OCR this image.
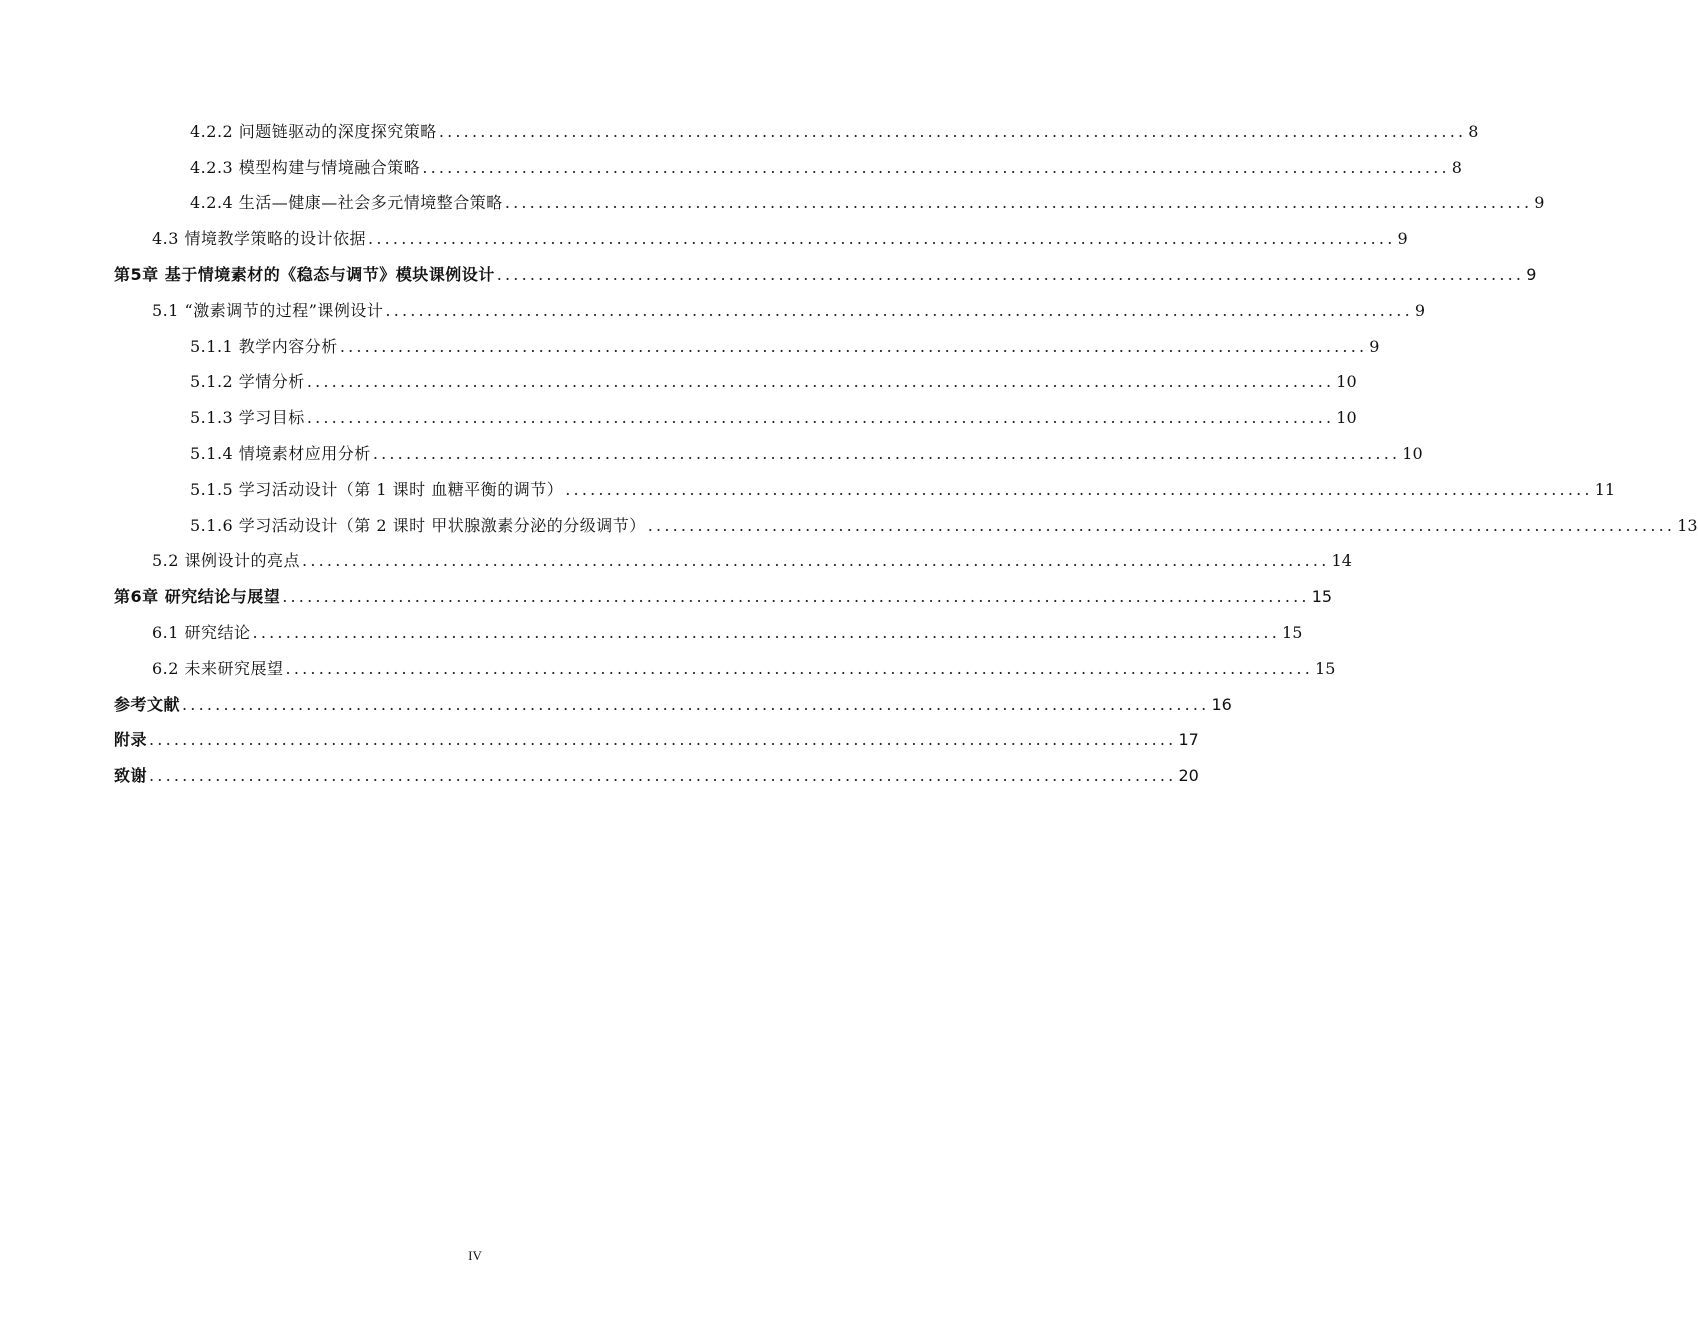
4.2.2 问题链驱动的深度探究策略 ............................................................................................................................ 8
4.2.3 模型构建与情境融合策略 ............................................................................................................................ 8
4.2.4 生活—健康—社会多元情境整合策略 ............................................................................................................................ 9
4.3 情境教学策略的设计依据 ............................................................................................................................ 9
第5章 基于情境素材的《稳态与调节》模块课例设计 ............................................................................................................................ 9
5.1 “激素调节的过程”课例设计 ............................................................................................................................ 9
5.1.1 教学内容分析 ............................................................................................................................ 9
5.1.2 学情分析 ............................................................................................................................ 10
5.1.3 学习目标 ............................................................................................................................ 10
5.1.4 情境素材应用分析 ............................................................................................................................ 10
5.1.5 学习活动设计（第 1 课时 血糖平衡的调节） ............................................................................................................................ 11
5.1.6 学习活动设计（第 2 课时 甲状腺激素分泌的分级调节） ............................................................................................................................ 13
5.2 课例设计的亮点 ............................................................................................................................ 14
第6章 研究结论与展望 ............................................................................................................................ 15
6.1 研究结论 ............................................................................................................................ 15
6.2 未来研究展望 ............................................................................................................................ 15
参考文献 ............................................................................................................................ 16
附录 ............................................................................................................................ 17
致谢 ............................................................................................................................ 20
IV
